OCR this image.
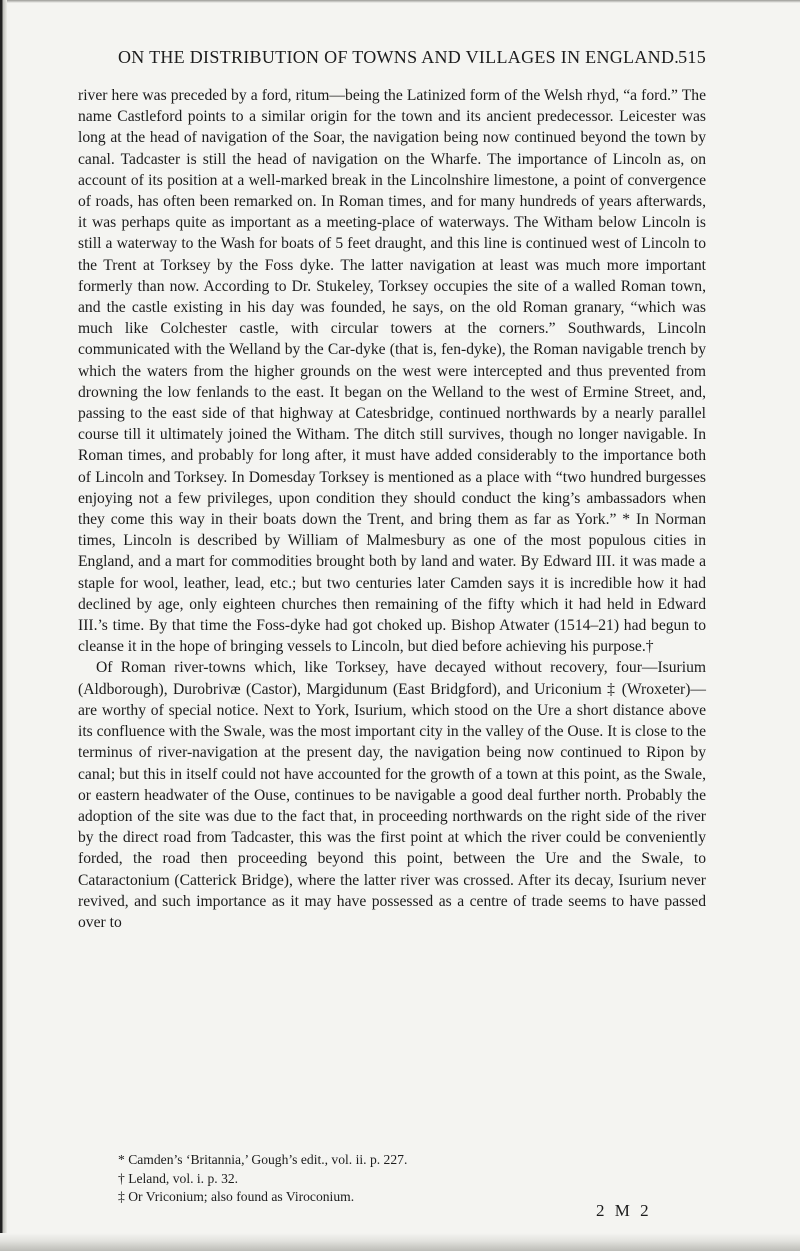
ON THE DISTRIBUTION OF TOWNS AND VILLAGES IN ENGLAND. 515

river here was preceded by a ford, ritum—being the Latinized form of the Welsh rhyd, “a ford.” The name Castleford points to a similar origin for the town and its ancient predecessor. Leicester was long at the head of navigation of the Soar, the navigation being now continued beyond the town by canal. Tadcaster is still the head of navigation on the Wharfe. The importance of Lincoln as, on account of its position at a well-marked break in the Lincolnshire limestone, a point of convergence of roads, has often been remarked on. In Roman times, and for many hundreds of years afterwards, it was perhaps quite as important as a meeting-place of waterways. The Witham below Lincoln is still a waterway to the Wash for boats of 5 feet draught, and this line is continued west of Lincoln to the Trent at Torksey by the Foss dyke. The latter navigation at least was much more important formerly than now. According to Dr. Stukeley, Torksey occupies the site of a walled Roman town, and the castle existing in his day was founded, he says, on the old Roman granary, “which was much like Colchester castle, with circular towers at the corners.” Southwards, Lincoln communicated with the Welland by the Car-dyke (that is, fen-dyke), the Roman navigable trench by which the waters from the higher grounds on the west were intercepted and thus prevented from drowning the low fenlands to the east. It began on the Welland to the west of Ermine Street, and, passing to the east side of that highway at Catesbridge, continued northwards by a nearly parallel course till it ultimately joined the Witham. The ditch still survives, though no longer navigable. In Roman times, and probably for long after, it must have added considerably to the importance both of Lincoln and Torksey. In Domesday Torksey is mentioned as a place with “two hundred burgesses enjoying not a few privileges, upon condition they should conduct the king’s ambassadors when they come this way in their boats down the Trent, and bring them as far as York.” * In Norman times, Lincoln is described by William of Malmesbury as one of the most populous cities in England, and a mart for commodities brought both by land and water. By Edward III. it was made a staple for wool, leather, lead, etc.; but two centuries later Camden says it is incredible how it had declined by age, only eighteen churches then remaining of the fifty which it had held in Edward III.’s time. By that time the Foss-dyke had got choked up. Bishop Atwater (1514–21) had begun to cleanse it in the hope of bringing vessels to Lincoln, but died before achieving his purpose.†

Of Roman river-towns which, like Torksey, have decayed without recovery, four—Isurium (Aldborough), Durobrivæ (Castor), Margidunum (East Bridgford), and Uriconium ‡ (Wroxeter)—are worthy of special notice. Next to York, Isurium, which stood on the Ure a short distance above its confluence with the Swale, was the most important city in the valley of the Ouse. It is close to the terminus of river-navigation at the present day, the navigation being now continued to Ripon by canal; but this in itself could not have accounted for the growth of a town at this point, as the Swale, or eastern headwater of the Ouse, continues to be navigable a good deal further north. Probably the adoption of the site was due to the fact that, in proceeding northwards on the right side of the river by the direct road from Tadcaster, this was the first point at which the river could be conveniently forded, the road then proceeding beyond this point, between the Ure and the Swale, to Cataractonium (Catterick Bridge), where the latter river was crossed. After its decay, Isurium never revived, and such importance as it may have possessed as a centre of trade seems to have passed over to

* Camden’s ‘Britannia,’ Gough’s edit., vol. ii. p. 227.
† Leland, vol. i. p. 32.
‡ Or Vriconium; also found as Viroconium.
2 M 2
